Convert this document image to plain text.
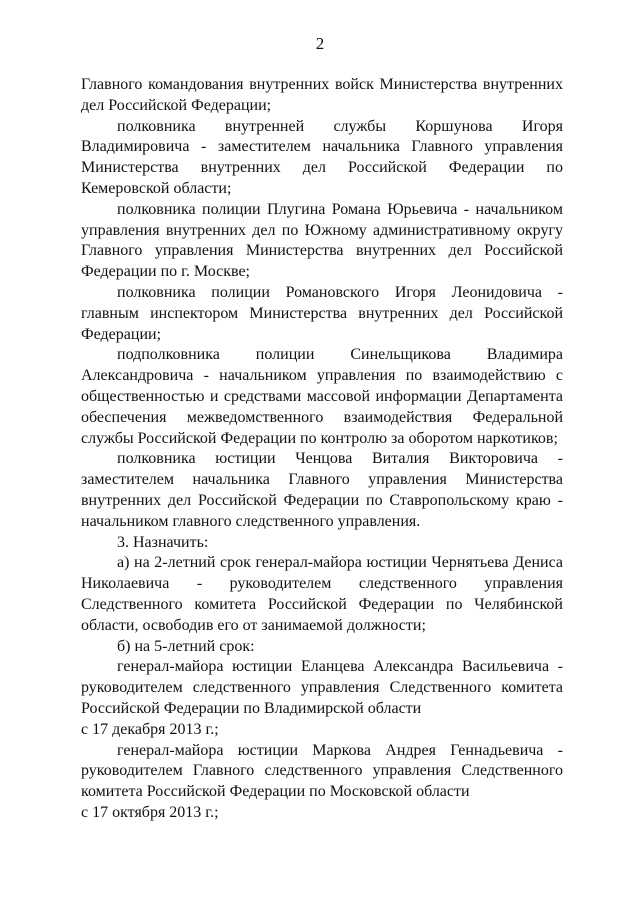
2

Главного командования внутренних войск Министерства внутренних дел Российской Федерации;

полковника внутренней службы Коршунова Игоря Владимировича - заместителем начальника Главного управления Министерства внутренних дел Российской Федерации по Кемеровской области;

полковника полиции Плугина Романа Юрьевича - начальником управления внутренних дел по Южному административному округу Главного управления Министерства внутренних дел Российской Федерации по г. Москве;

полковника полиции Романовского Игоря Леонидовича - главным инспектором Министерства внутренних дел Российской Федерации;

подполковника полиции Синельщикова Владимира Александровича - начальником управления по взаимодействию с общественностью и средствами массовой информации Департамента обеспечения межведомственного взаимодействия Федеральной службы Российской Федерации по контролю за оборотом наркотиков;

полковника юстиции Ченцова Виталия Викторовича - заместителем начальника Главного управления Министерства внутренних дел Российской Федерации по Ставропольскому краю - начальником главного следственного управления.

3. Назначить:

а) на 2-летний срок генерал-майора юстиции Чернятьева Дениса Николаевича - руководителем следственного управления Следственного комитета Российской Федерации по Челябинской области, освободив его от занимаемой должности;

б) на 5-летний срок:

генерал-майора юстиции Еланцева Александра Васильевича - руководителем следственного управления Следственного комитета Российской Федерации по Владимирской области

с 17 декабря 2013 г.;

генерал-майора юстиции Маркова Андрея Геннадьевича - руководителем Главного следственного управления Следственного комитета Российской Федерации по Московской области

с 17 октября 2013 г.;
